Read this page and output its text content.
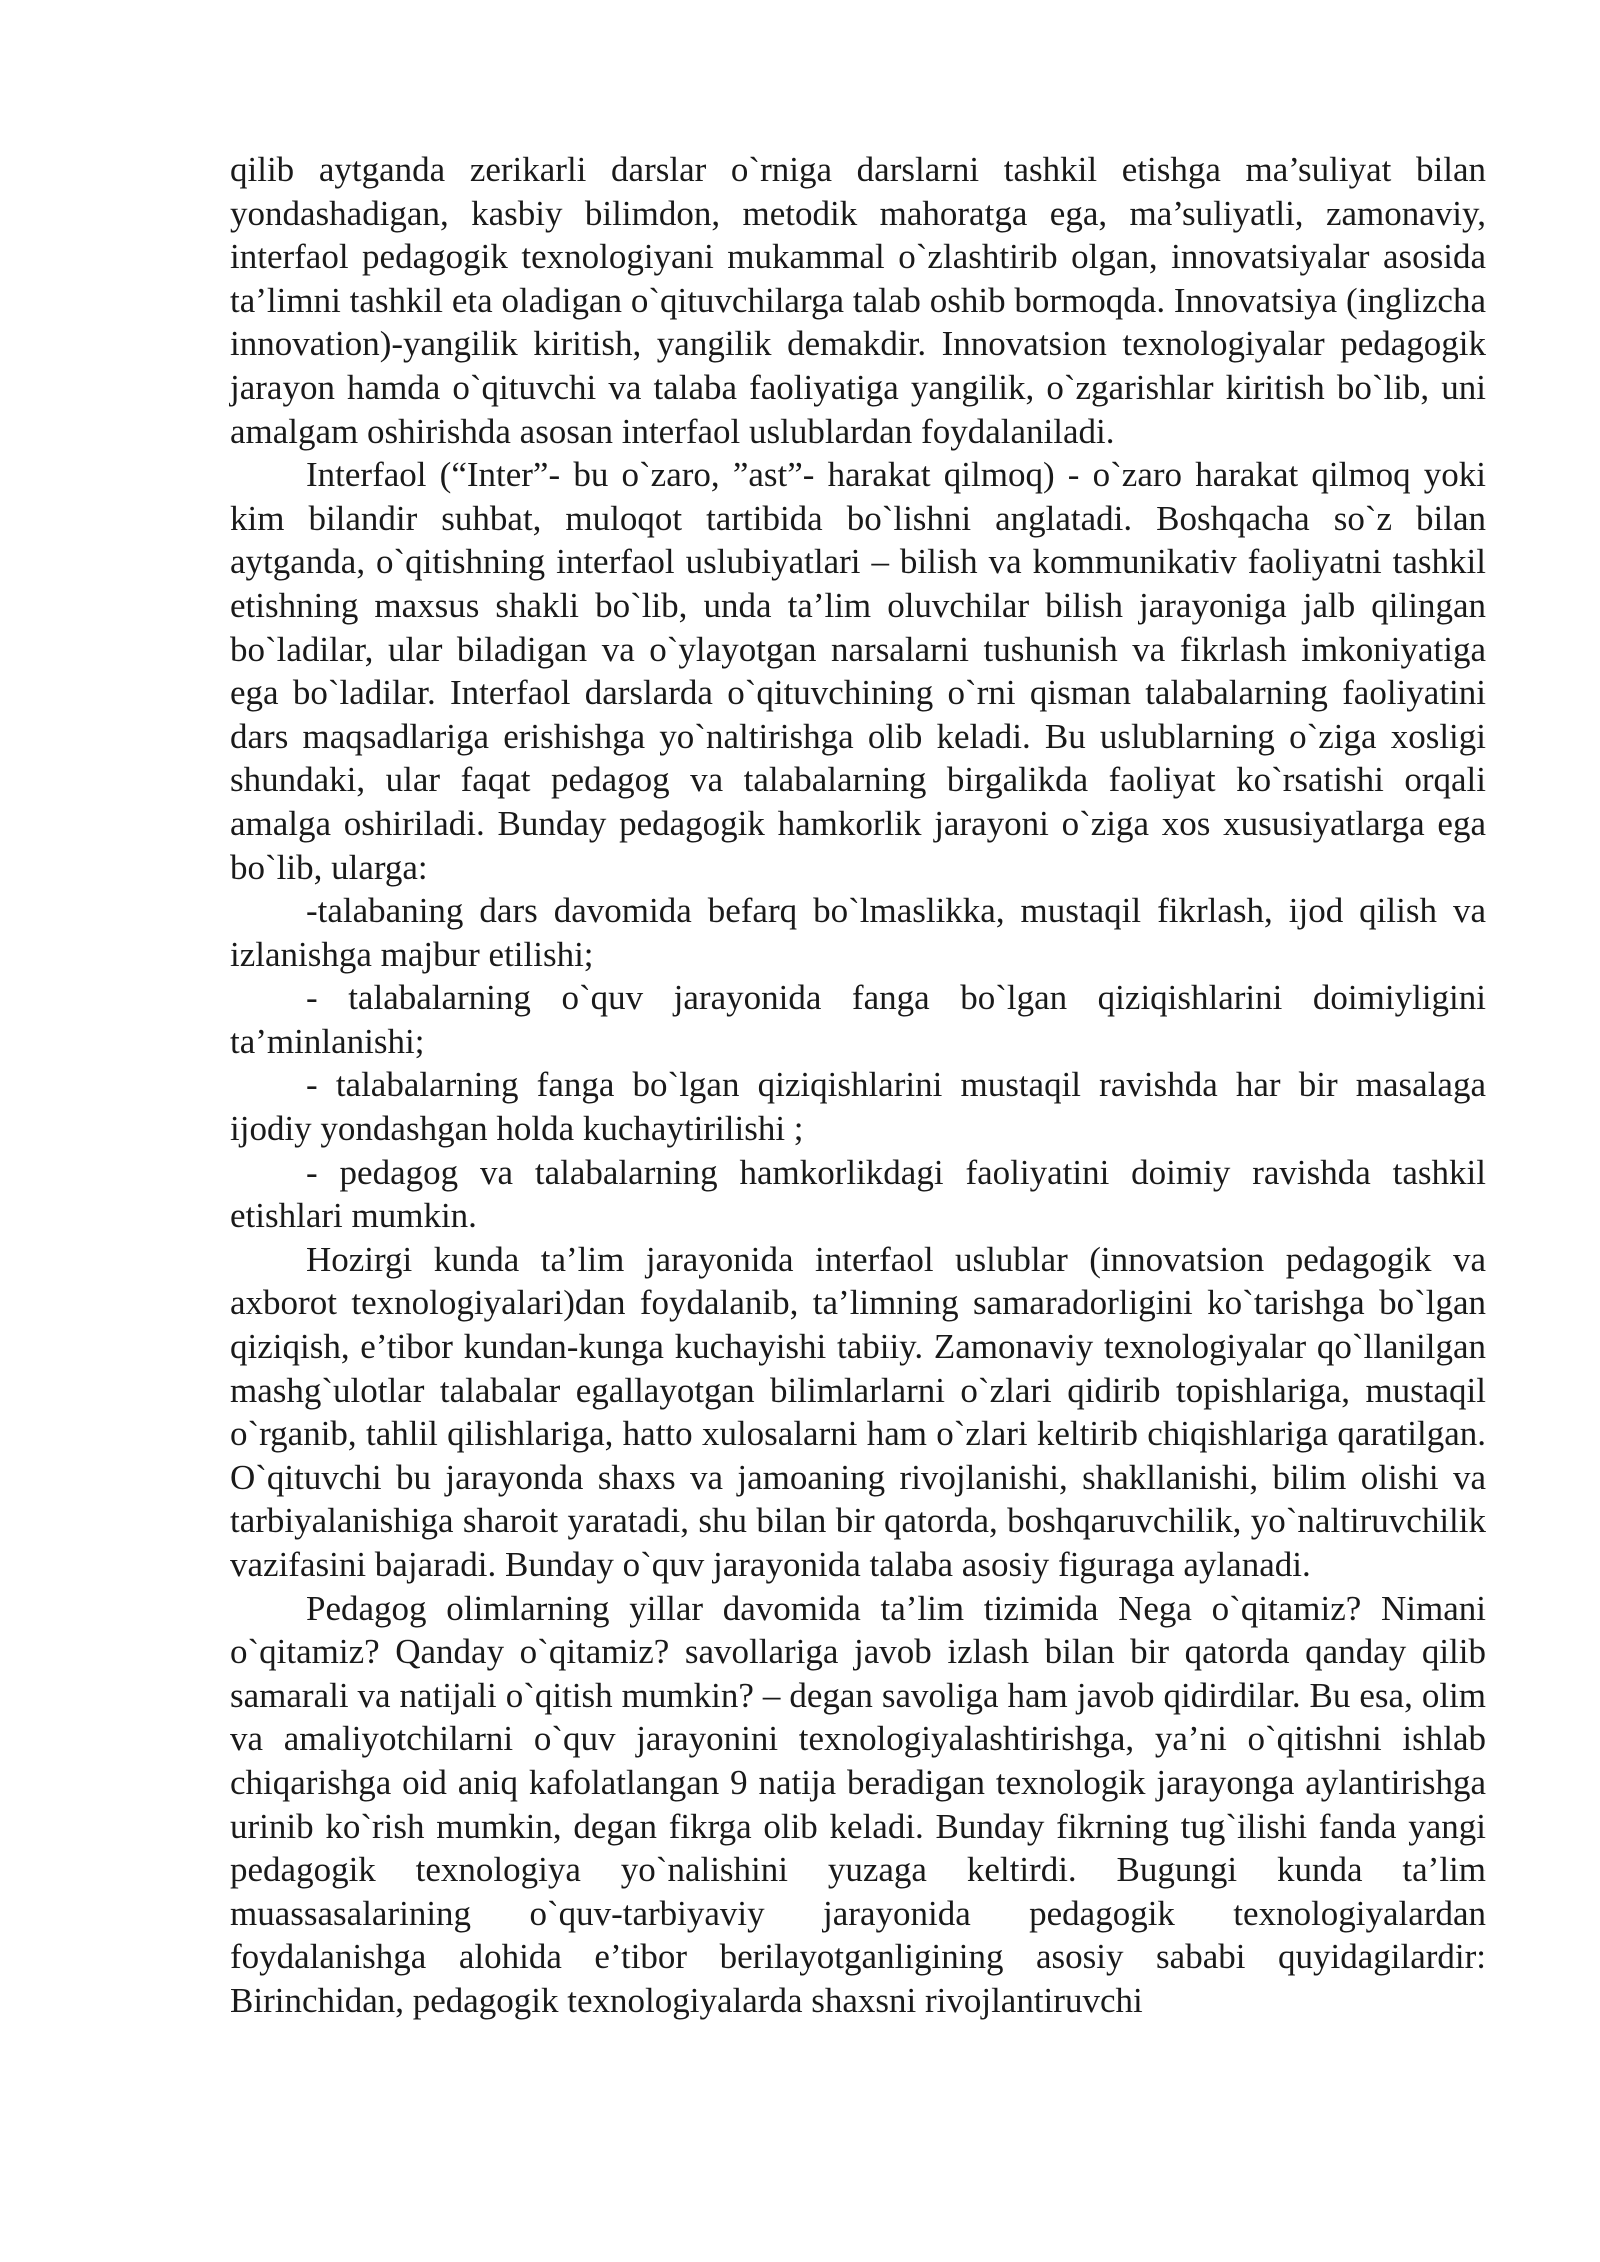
qilib aytganda zerikarli darslar o`rniga darslarni tashkil etishga ma’suliyat bilan yondashadigan, kasbiy bilimdon, metodik mahoratga ega, ma’suliyatli, zamonaviy, interfaol pedagogik texnologiyani mukammal o`zlashtirib olgan, innovatsiyalar asosida ta’limni tashkil eta oladigan o`qituvchilarga talab oshib bormoqda. Innovatsiya (inglizcha innovation)-yangilik kiritish, yangilik demakdir. Innovatsion texnologiyalar pedagogik jarayon hamda o`qituvchi va talaba faoliyatiga yangilik, o`zgarishlar kiritish bo`lib, uni amalgam oshirishda asosan interfaol uslublardan foydalaniladi.

Interfaol (“Inter”- bu o`zaro, ”ast”- harakat qilmoq) - o`zaro harakat qilmoq yoki kim bilandir suhbat, muloqot tartibida bo`lishni anglatadi. Boshqacha so`z bilan aytganda, o`qitishning interfaol uslubiyatlari – bilish va kommunikativ faoliyatni tashkil etishning maxsus shakli bo`lib, unda ta’lim oluvchilar bilish jarayoniga jalb qilingan bo`ladilar, ular biladigan va o`ylayotgan narsalarni tushunish va fikrlash imkoniyatiga ega bo`ladilar. Interfaol darslarda o`qituvchining o`rni qisman talabalarning faoliyatini dars maqsadlariga erishishga yo`naltirishga olib keladi. Bu uslublarning o`ziga xosligi shundaki, ular faqat pedagog va talabalarning birgalikda faoliyat ko`rsatishi orqali amalga oshiriladi. Bunday pedagogik hamkorlik jarayoni o`ziga xos xususiyatlarga ega bo`lib, ularga:

-talabaning dars davomida befarq bo`lmaslikka, mustaqil fikrlash, ijod qilish va izlanishga majbur etilishi;

- talabalarning o`quv jarayonida fanga bo`lgan qiziqishlarini doimiyligini ta’minlanishi;

- talabalarning fanga bo`lgan qiziqishlarini mustaqil ravishda har bir masalaga ijodiy yondashgan holda kuchaytirilishi ;

- pedagog va talabalarning hamkorlikdagi faoliyatini doimiy ravishda tashkil etishlari mumkin.

Hozirgi kunda ta’lim jarayonida interfaol uslublar (innovatsion pedagogik va axborot texnologiyalari)dan foydalanib, ta’limning samaradorligini ko`tarishga bo`lgan qiziqish, e’tibor kundan-kunga kuchayishi tabiiy. Zamonaviy texnologiyalar qo`llanilgan mashg`ulotlar talabalar egallayotgan bilimlarlarni o`zlari qidirib topishlariga, mustaqil o`rganib, tahlil qilishlariga, hatto xulosalarni ham o`zlari keltirib chiqishlariga qaratilgan. O`qituvchi bu jarayonda shaxs va jamoaning rivojlanishi, shakllanishi, bilim olishi va tarbiyalanishiga sharoit yaratadi, shu bilan bir qatorda, boshqaruvchilik, yo`naltiruvchilik vazifasini bajaradi. Bunday o`quv jarayonida talaba asosiy figuraga aylanadi.

Pedagog olimlarning yillar davomida ta’lim tizimida Nega o`qitamiz? Nimani o`qitamiz? Qanday o`qitamiz? savollariga javob izlash bilan bir qatorda qanday qilib samarali va natijali o`qitish mumkin? – degan savoliga ham javob qidirdilar. Bu esa, olim va amaliyotchilarni o`quv jarayonini texnologiyalashtirishga, ya’ni o`qitishni ishlab chiqarishga oid aniq kafolatlangan 9 natija beradigan texnologik jarayonga aylantirishga urinib ko`rish mumkin, degan fikrga olib keladi. Bunday fikrning tug`ilishi fanda yangi pedagogik texnologiya yo`nalishini yuzaga keltirdi. Bugungi kunda ta’lim muassasalarining o`quv-tarbiyaviy jarayonida pedagogik texnologiyalardan foydalanishga alohida e’tibor berilayotganligining asosiy sababi quyidagilardir: Birinchidan, pedagogik texnologiyalarda shaxsni rivojlantiruvchi
